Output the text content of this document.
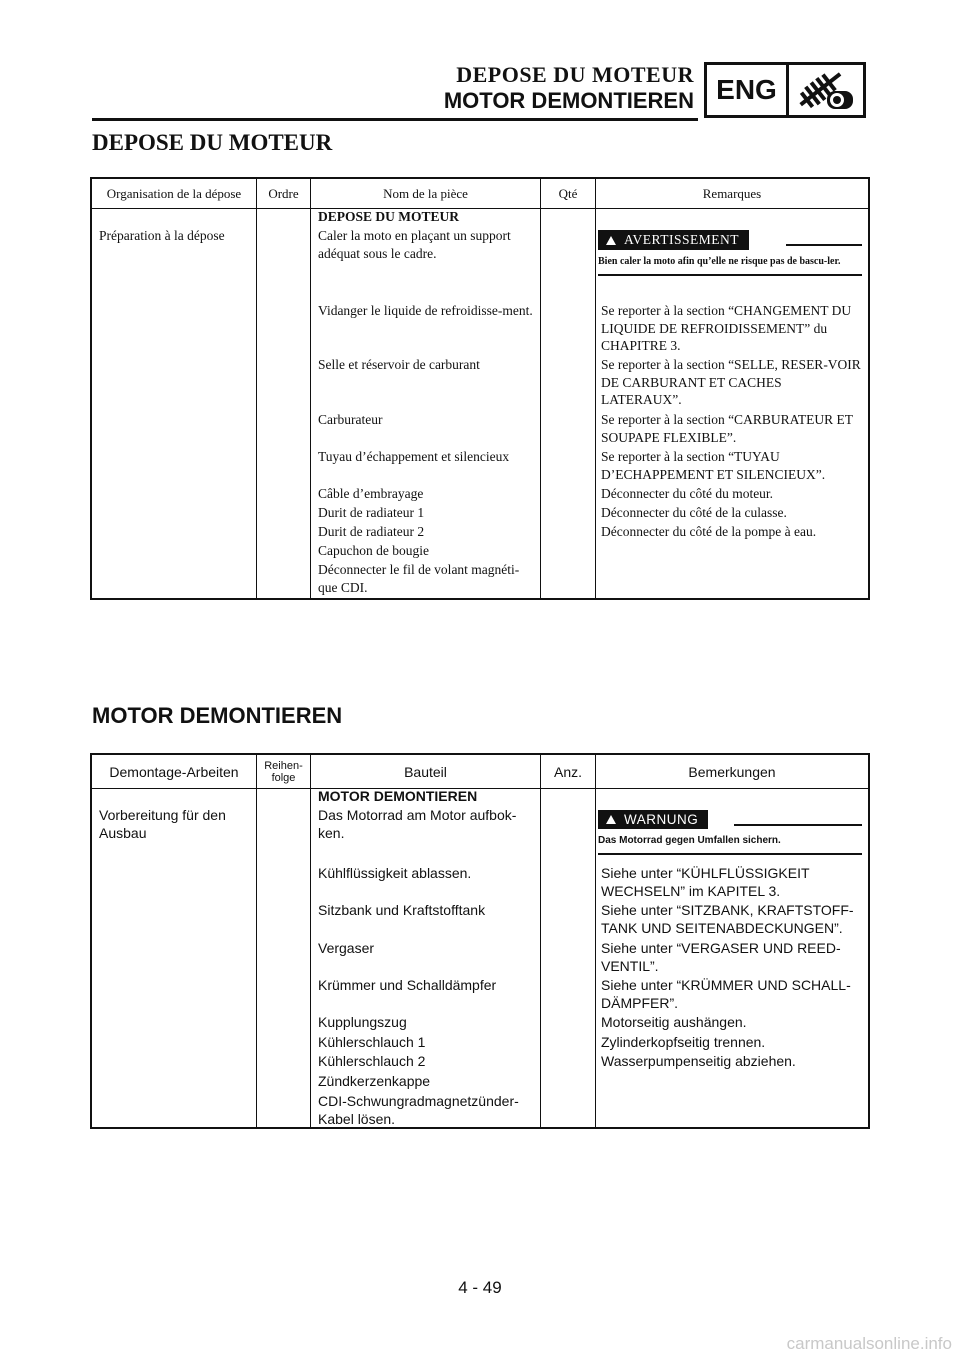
DEPOSE DU MOTEUR
MOTOR DEMONTIEREN ENG
DEPOSE DU MOTEUR
Organisation de la dépose	Ordre	Nom de la pièce	Qté	Remarques
Préparation à la dépose
DEPOSE DU MOTEUR
Caler la moto en plaçant un support adéquat sous le cadre.
AVERTISSEMENT
Bien caler la moto afin qu’elle ne risque pas de bascu-ler.
Vidanger le liquide de refroidisse-ment.	Se reporter à la section “CHANGEMENT DU LIQUIDE DE REFROIDISSEMENT” du CHAPITRE 3.
Selle et réservoir de carburant	Se reporter à la section “SELLE, RESER-VOIR DE CARBURANT ET CACHES LATERAUX”.
Carburateur	Se reporter à la section “CARBURATEUR ET SOUPAPE FLEXIBLE”.
Tuyau d’échappement et silencieux	Se reporter à la section “TUYAU D’ECHAPPEMENT ET SILENCIEUX”.
Câble d’embrayage	Déconnecter du côté du moteur.
Durit de radiateur 1	Déconnecter du côté de la culasse.
Durit de radiateur 2	Déconnecter du côté de la pompe à eau.
Capuchon de bougie
Déconnecter le fil de volant magnéti-que CDI.
MOTOR DEMONTIEREN
Demontage-Arbeiten	Reihen-folge	Bauteil	Anz.	Bemerkungen
Vorbereitung für den Ausbau
MOTOR DEMONTIEREN
Das Motorrad am Motor aufbok-ken.
WARNUNG
Das Motorrad gegen Umfallen sichern.
Kühlflüssigkeit ablassen.	Siehe unter “KÜHLFLÜSSIGKEIT WECHSELN” im KAPITEL 3.
Sitzbank und Kraftstofftank	Siehe unter “SITZBANK, KRAFTSTOFF-TANK UND SEITENABDECKUNGEN”.
Vergaser	Siehe unter “VERGASER UND REED-VENTIL”.
Krümmer und Schalldämpfer	Siehe unter “KRÜMMER UND SCHALL-DÄMPFER”.
Kupplungszug	Motorseitig aushängen.
Kühlerschlauch 1	Zylinderkopfseitig trennen.
Kühlerschlauch 2	Wasserpumpenseitig abziehen.
Zündkerzenkappe
CDI-Schwungradmagnetzünder-Kabel lösen.
4 - 49
carmanualsonline.info
